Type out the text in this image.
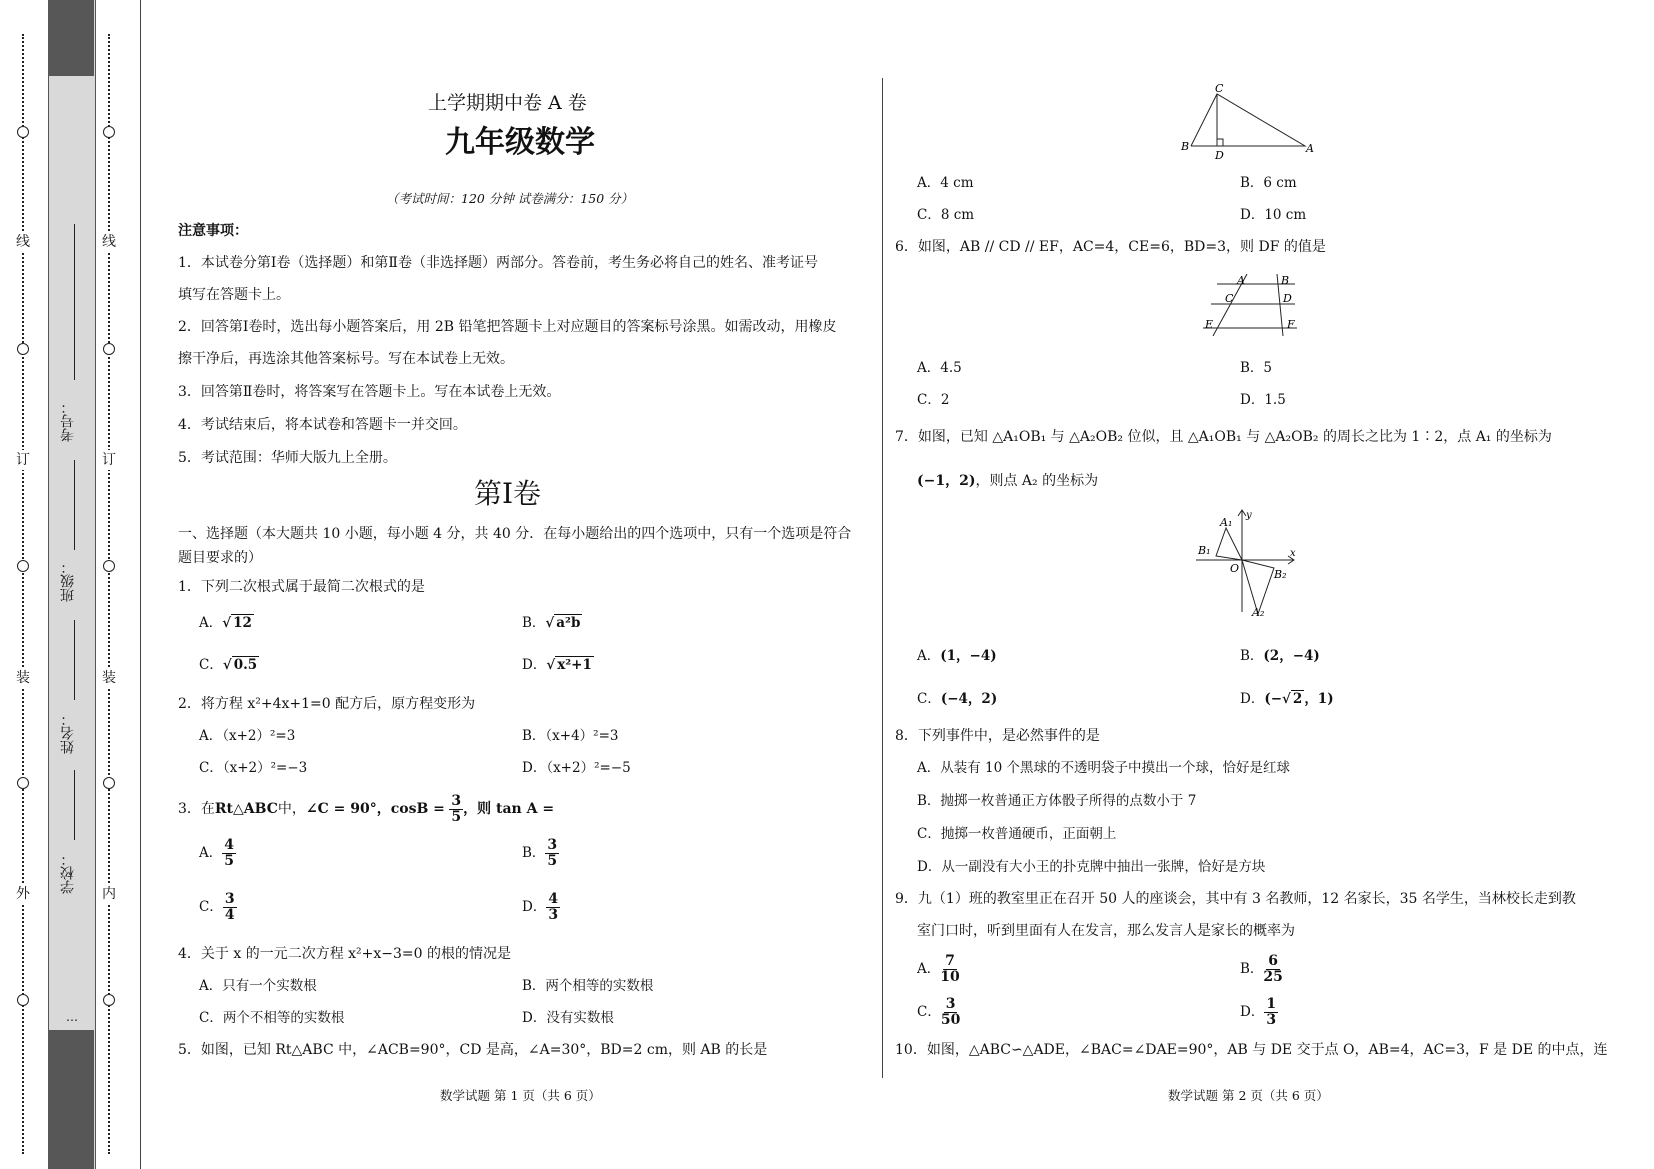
线
订
装
外
线
订
装
内
考号：
班级：
姓名：
学校：
…
上学期期中卷 A 卷
九年级数学
（考试时间：120 分钟 试卷满分：150 分）
注意事项：
1．本试卷分第Ⅰ卷（选择题）和第Ⅱ卷（非选择题）两部分。答卷前，考生务必将自己的姓名、准考证号
填写在答题卡上。
2．回答第Ⅰ卷时，选出每小题答案后，用 2B 铅笔把答题卡上对应题目的答案标号涂黑。如需改动，用橡皮
擦干净后，再选涂其他答案标号。写在本试卷上无效。
3．回答第Ⅱ卷时，将答案写在答题卡上。写在本试卷上无效。
4．考试结束后，将本试卷和答题卡一并交回。
5．考试范围：华师大版九上全册。
第Ⅰ卷
一、选择题（本大题共 10 小题，每小题 4 分，共 40 分．在每小题给出的四个选项中，只有一个选项是符合
题目要求的）
1．下列二次根式属于最简二次根式的是
A．√ 12	B．√ a²b
C．√ 0.5	D．√ x²+1
2．将方程 x²+4x+1=0 配方后，原方程变形为
A．（x+2）²=3	B．（x+4）²=3
C．（x+2）²=−3	D．（x+2）²=−5
3．在Rt△ABC中，∠C = 90°，$\cos B = \frac{3}{5}$ ，则 tan A =
A． $\frac{4}{5}$	B． $\frac{3}{5}$
C． $\frac{3}{4}$	D． $\frac{4}{3}$
4．关于 x 的一元二次方程 x²+x−3=0 的根的情况是
A．只有一个实数根	B．两个相等的实数根
C．两个不相等的实数根	D．没有实数根
5．如图，已知 Rt△ABC 中，∠ACB=90°，CD 是高，∠A=30°，BD=2 cm，则 AB 的长是
数学试题 第 1 页（共 6 页）
C
B
D
A
A．4 cm	B．6 cm
C．8 cm	D．10 cm
6．如图，AB // CD // EF，AC=4，CE=6，BD=3，则 DF 的值是
A	B
C	D
E	F
A．4.5	B．5
C．2	D．1.5
7．如图，已知 △A₁OB₁ 与 △A₂OB₂ 位似，且 △A₁OB₁ 与 △A₂OB₂ 的周长之比为 1∶2，点 A₁ 的坐标为
(−1，2)，则点 A₂ 的坐标为
A₁
B₁
O	B₂
A₂
x
y
A．(1，−4)	B．(2，−4)
C．(−4，2)	D．(−√ 2 ，1)
8．下列事件中，是必然事件的是
A．从装有 10 个黑球的不透明袋子中摸出一个球，恰好是红球
B．抛掷一枚普通正方体骰子所得的点数小于 7
C．抛掷一枚普通硬币，正面朝上
D．从一副没有大小王的扑克牌中抽出一张牌，恰好是方块
9．九（1）班的教室里正在召开 50 人的座谈会，其中有 3 名教师，12 名家长，35 名学生，当林校长走到教
室门口时，听到里面有人在发言，那么发言人是家长的概率为
A． $\frac{7}{10}$	B． $\frac{6}{25}$
C． $\frac{3}{50}$	D． $\frac{1}{3}$
10．如图，△ABC∽△ADE，∠BAC=∠DAE=90°，AB 与 DE 交于点 O，AB=4，AC=3，F 是 DE 的中点，连
数学试题 第 2 页（共 6 页）
